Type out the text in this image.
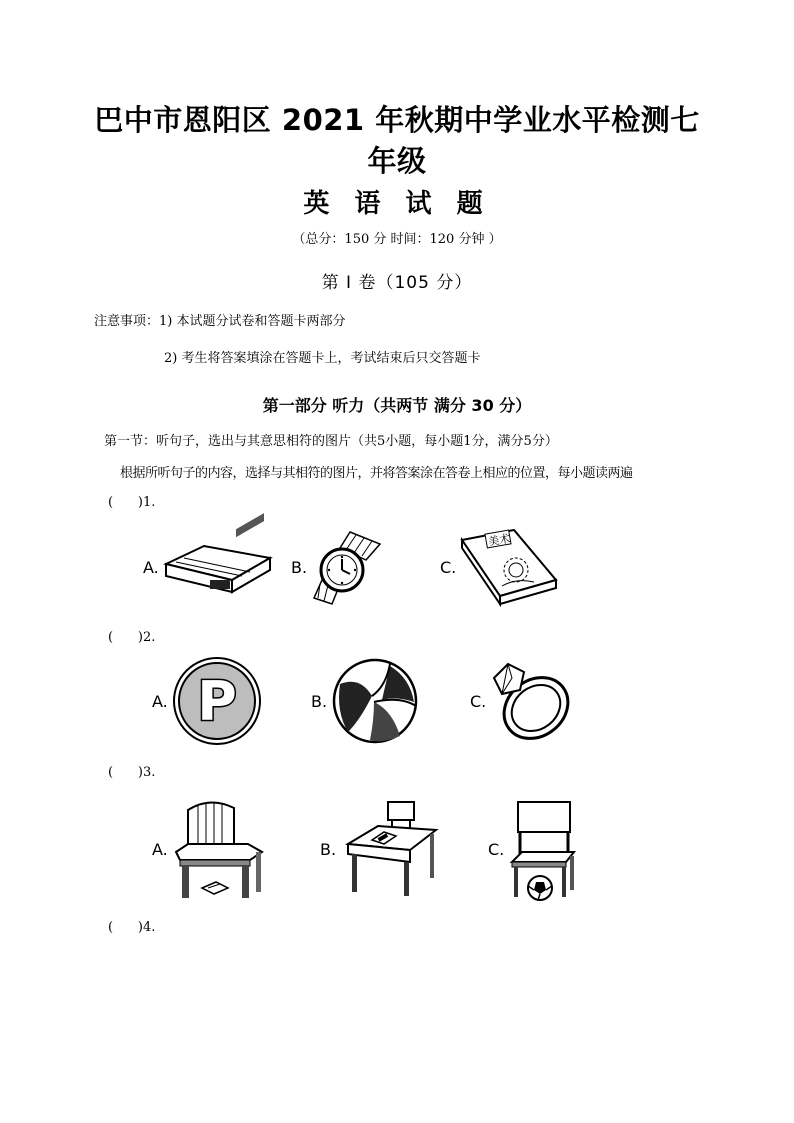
巴中市恩阳区 2021 年秋期中学业水平检测七
年级
英 语 试 题
（总分：150 分 时间：120 分钟 ）
第 Ⅰ 卷（105 分）
注意事项：1) 本试题分试卷和答题卡两部分
2) 考生将答案填涂在答题卡上，考试结束后只交答题卡
第一部分 听力（共两节 满分 30 分）
第一节：听句子，选出与其意思相符的图片（共5小题，每小题1分，满分5分）
根据所听句子的内容，选择与其相符的图片，并将答案涂在答卷上相应的位置，每小题读两遍
(      )1.
A.	B.	C.
美术
(      )2.
A.	B.	C.
P
(      )3.
A.	B.	C.
(      )4.
